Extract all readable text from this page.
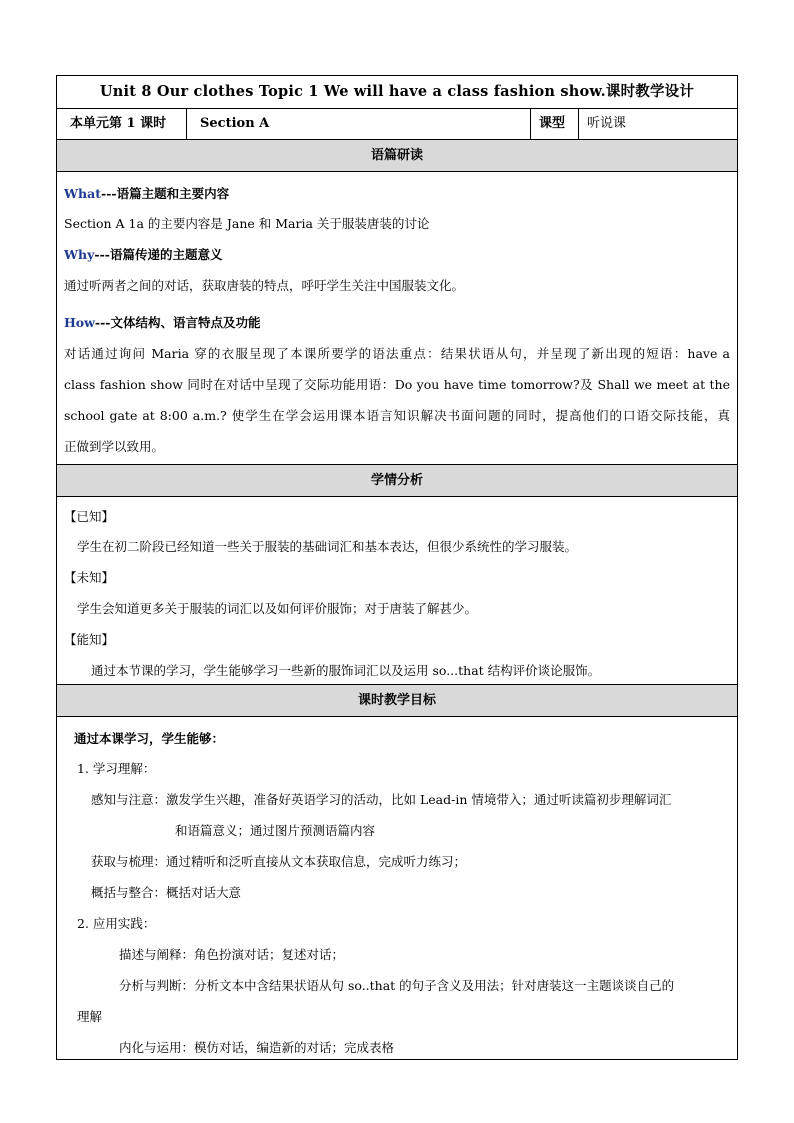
Unit 8 Our clothes Topic 1 We will have a class fashion show.课时教学设计
本单元第 1 课时	Section A	课型	听说课
语篇研读
What---语篇主题和主要内容
Section A 1a 的主要内容是 Jane 和 Maria 关于服装唐装的讨论
Why---语篇传递的主题意义
通过听两者之间的对话，获取唐装的特点，呼吁学生关注中国服装文化。
How---文体结构、语言特点及功能
对话通过询问 Maria 穿的衣服呈现了本课所要学的语法重点：结果状语从句，并呈现了新出现的短语：have a
class fashion show 同时在对话中呈现了交际功能用语：Do you have time tomorrow?及 Shall we meet at the
school gate at 8:00 a.m.? 使学生在学会运用课本语言知识解决书面问题的同时，提高他们的口语交际技能，真
正做到学以致用。
学情分析
【已知】
学生在初二阶段已经知道一些关于服装的基础词汇和基本表达，但很少系统性的学习服装。
【未知】
学生会知道更多关于服装的词汇以及如何评价服饰；对于唐装了解甚少。
【能知】
通过本节课的学习，学生能够学习一些新的服饰词汇以及运用 so...that 结构评价谈论服饰。
课时教学目标
通过本课学习，学生能够：
1. 学习理解：
感知与注意：激发学生兴趣，准备好英语学习的活动，比如 Lead-in 情境带入；通过听读篇初步理解词汇
和语篇意义；通过图片预测语篇内容
获取与梳理：通过精听和泛听直接从文本获取信息，完成听力练习；
概括与整合：概括对话大意
2. 应用实践：
描述与阐释：角色扮演对话；复述对话；
分析与判断：分析文本中含结果状语从句 so..that 的句子含义及用法；针对唐装这一主题谈谈自己的
理解
内化与运用：模仿对话，编造新的对话；完成表格
